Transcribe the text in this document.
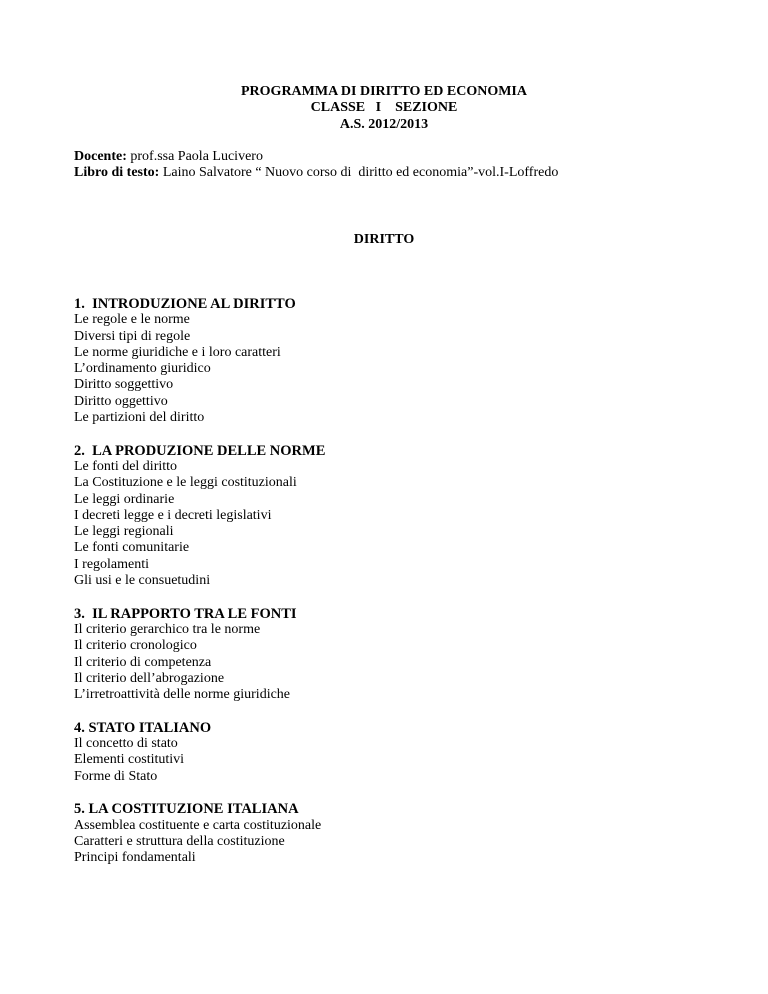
PROGRAMMA DI DIRITTO ED ECONOMIA
CLASSE   I    SEZIONE
A.S. 2012/2013
Docente: prof.ssa Paola Lucivero
Libro di testo: Laino Salvatore “ Nuovo corso di  diritto ed economia”-vol.I-Loffredo
DIRITTO
1.  INTRODUZIONE AL DIRITTO
Le regole e le norme
Diversi tipi di regole
Le norme giuridiche e i loro caratteri
L’ordinamento giuridico
Diritto soggettivo
Diritto oggettivo
Le partizioni del diritto
2.  LA PRODUZIONE DELLE NORME
Le fonti del diritto
La Costituzione e le leggi costituzionali
Le leggi ordinarie
I decreti legge e i decreti legislativi
Le leggi regionali
Le fonti comunitarie
I regolamenti
Gli usi e le consuetudini
3.  IL RAPPORTO TRA LE FONTI
Il criterio gerarchico tra le norme
Il criterio cronologico
Il criterio di competenza
Il criterio dell’abrogazione
L’irretroattività delle norme giuridiche
4. STATO ITALIANO
Il concetto di stato
Elementi costitutivi
Forme di Stato
5. LA COSTITUZIONE ITALIANA
Assemblea costituente e carta costituzionale
Caratteri e struttura della costituzione
Principi fondamentali
